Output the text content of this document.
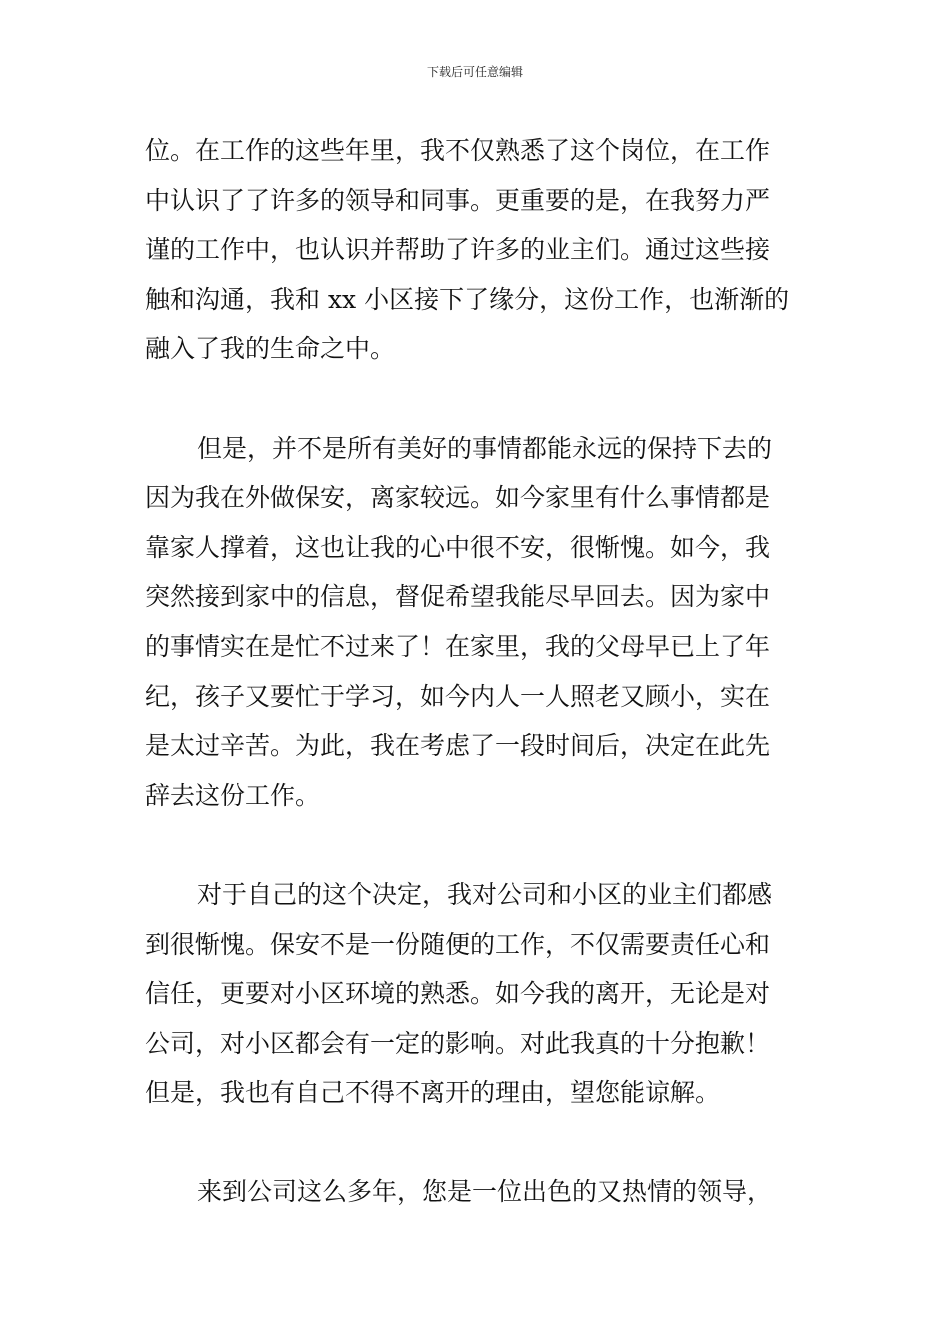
下载后可任意编辑
位。在工作的这些年里，我不仅熟悉了这个岗位，在工作
中认识了了许多的领导和同事。更重要的是，在我努力严
谨的工作中，也认识并帮助了许多的业主们。通过这些接
触和沟通，我和 xx 小区接下了缘分，这份工作，也渐渐的
融入了我的生命之中。
但是，并不是所有美好的事情都能永远的保持下去的
因为我在外做保安，离家较远。如今家里有什么事情都是
靠家人撑着，这也让我的心中很不安，很惭愧。如今，我
突然接到家中的信息，督促希望我能尽早回去。因为家中
的事情实在是忙不过来了！在家里，我的父母早已上了年
纪，孩子又要忙于学习，如今内人一人照老又顾小，实在
是太过辛苦。为此，我在考虑了一段时间后，决定在此先
辞去这份工作。
对于自己的这个决定，我对公司和小区的业主们都感
到很惭愧。保安不是一份随便的工作，不仅需要责任心和
信任，更要对小区环境的熟悉。如今我的离开，无论是对
公司，对小区都会有一定的影响。对此我真的十分抱歉！
但是，我也有自己不得不离开的理由，望您能谅解。
来到公司这么多年，您是一位出色的又热情的领导，
